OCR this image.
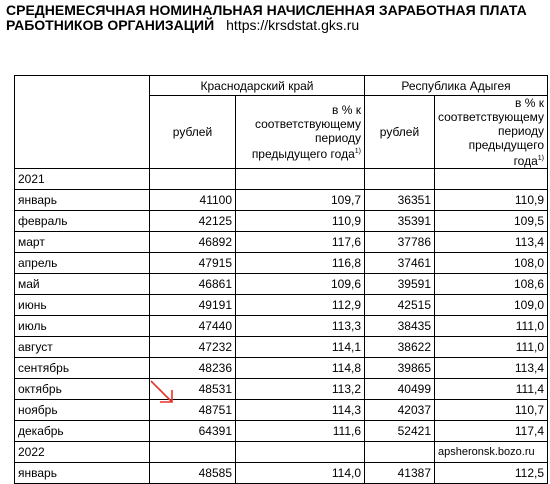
СРЕДНЕМЕСЯЧНАЯ НОМИНАЛЬНАЯ НАЧИСЛЕННАЯ ЗАРАБОТНАЯ ПЛАТА
РАБОТНИКОВ ОРГАНИЗАЦИЙ https://krsdstat.gks.ru
	Краснодарский край		Республика Адыгея	
	рублей	в % к соответствующему периоду предыдущего года$^{1)}$	рублей	в % к соответствующему периоду предыдущего года$^{1)}$
2021				
январь	41100	109,7	36351	110,9
февраль	42125	110,9	35391	109,5
март	46892	117,6	37786	113,4
апрель	47915	116,8	37461	108,0
май	46861	109,6	39591	108,6
июнь	49191	112,9	42515	109,0
июль	47440	113,3	38435	111,0
август	47232	114,1	38622	111,0
сентябрь	48236	114,8	39865	113,4
октябрь	48531	113,2	40499	111,4
ноябрь	48751	114,3	42037	110,7
декабрь	64391	111,6	52421	117,4
2022				apsheronsk.bozo.ru
январь	48585	114,0	41387	112,5
